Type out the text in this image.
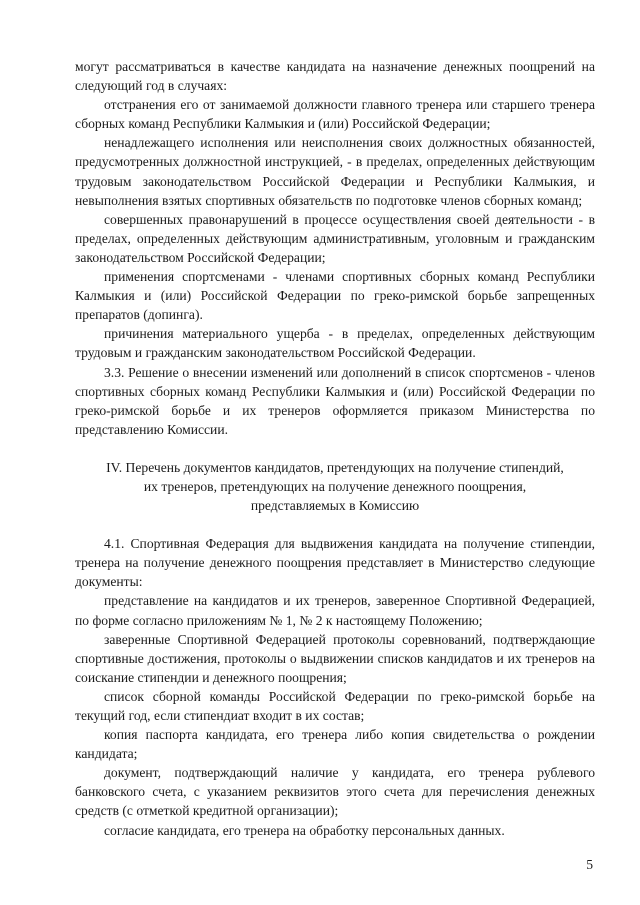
могут рассматриваться в качестве кандидата на назначение денежных поощрений на следующий год в случаях:

отстранения его от занимаемой должности главного тренера или старшего тренера сборных команд Республики Калмыкия и (или) Российской Федерации;

ненадлежащего исполнения или неисполнения своих должностных обязанностей, предусмотренных должностной инструкцией, - в пределах, определенных действующим трудовым законодательством Российской Федерации и Республики Калмыкия, и невыполнения взятых спортивных обязательств по подготовке членов сборных команд;

совершенных правонарушений в процессе осуществления своей деятельности - в пределах, определенных действующим административным, уголовным и гражданским законодательством Российской Федерации;

применения спортсменами - членами спортивных сборных команд Республики Калмыкия и (или) Российской Федерации по греко-римской борьбе запрещенных препаратов (допинга).

причинения материального ущерба - в пределах, определенных действующим трудовым и гражданским законодательством Российской Федерации.

3.3. Решение о внесении изменений или дополнений в список спортсменов - членов спортивных сборных команд Республики Калмыкия и (или) Российской Федерации по греко-римской борьбе и их тренеров оформляется приказом Министерства по представлению Комиссии.

IV. Перечень документов кандидатов, претендующих на получение стипендий, их тренеров, претендующих на получение денежного поощрения, представляемых в Комиссию

4.1. Спортивная Федерация для выдвижения кандидата на получение стипендии, тренера на получение денежного поощрения представляет в Министерство следующие документы:

представление на кандидатов и их тренеров, заверенное Спортивной Федерацией, по форме согласно приложениям № 1, № 2 к настоящему Положению;

заверенные Спортивной Федерацией протоколы соревнований, подтверждающие спортивные достижения, протоколы о выдвижении списков кандидатов и их тренеров на соискание стипендии и денежного поощрения;

список сборной команды Российской Федерации по греко-римской борьбе на текущий год, если стипендиат входит в их состав;

копия паспорта кандидата, его тренера либо копия свидетельства о рождении кандидата;

документ, подтверждающий наличие у кандидата, его тренера рублевого банковского счета, с указанием реквизитов этого счета для перечисления денежных средств (с отметкой кредитной организации);

согласие кандидата, его тренера на обработку персональных данных.

5
